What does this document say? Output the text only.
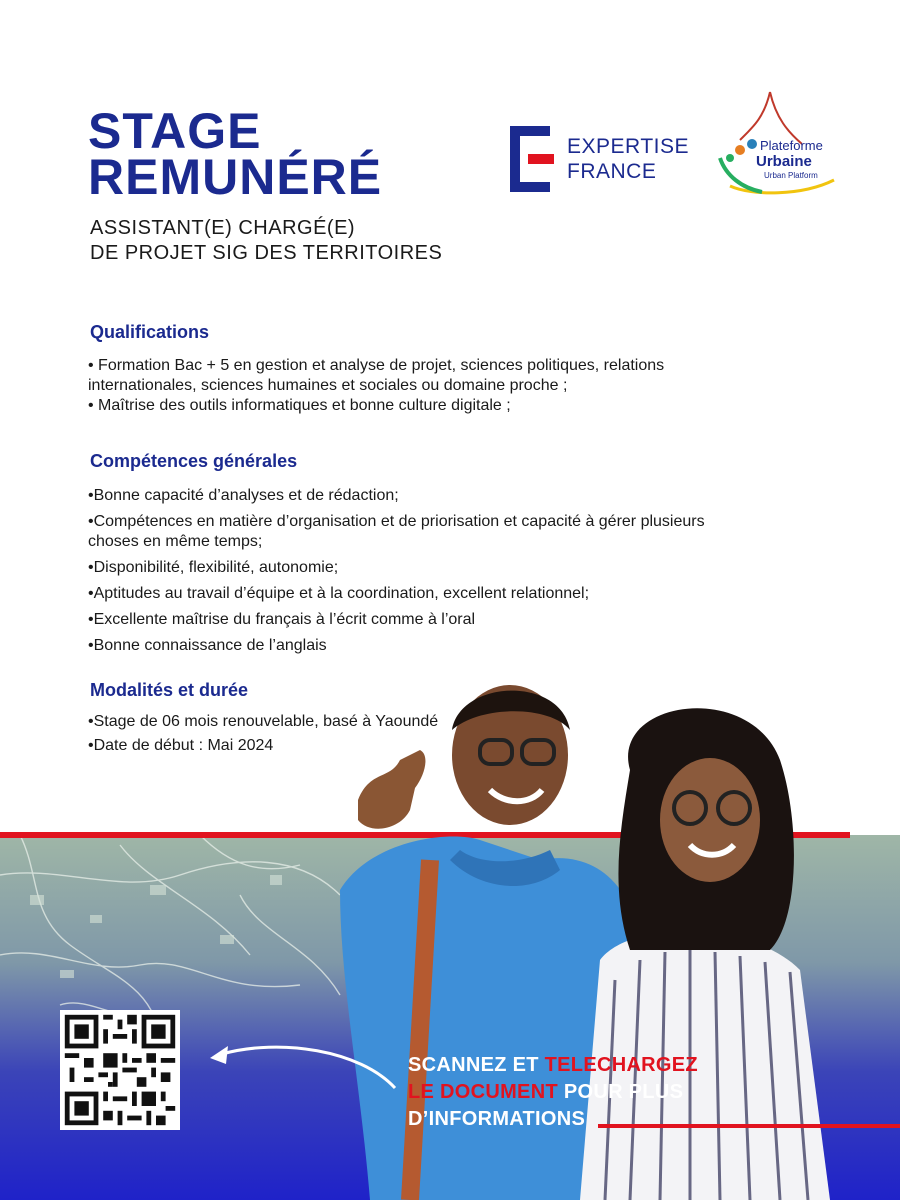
STAGE
REMUNÉRÉ
ASSISTANT(E) CHARGÉ(E)
DE PROJET SIG DES TERRITOIRES
EXPERTISE
FRANCE
Plateforme
Urbaine
Urban Platform
Qualifications
• Formation Bac + 5 en gestion et analyse de projet, sciences politiques, relations internationales, sciences humaines et sociales ou domaine proche ;
• Maîtrise des outils informatiques et bonne culture digitale ;
Compétences générales
•Bonne capacité d’analyses et de rédaction;
•Compétences en matière d’organisation et de priorisation et capacité à gérer plusieurs choses en même temps;
•Disponibilité, flexibilité, autonomie;
•Aptitudes au travail d’équipe et à la coordination, excellent relationnel;
•Excellente maîtrise du français à l’écrit comme à l’oral
•Bonne connaissance de l’anglais
Modalités et durée
•Stage de 06 mois renouvelable, basé à Yaoundé
•Date de début : Mai 2024
SCANNEZ ET TELECHARGEZ
LE DOCUMENT POUR PLUS
D’INFORMATIONS
